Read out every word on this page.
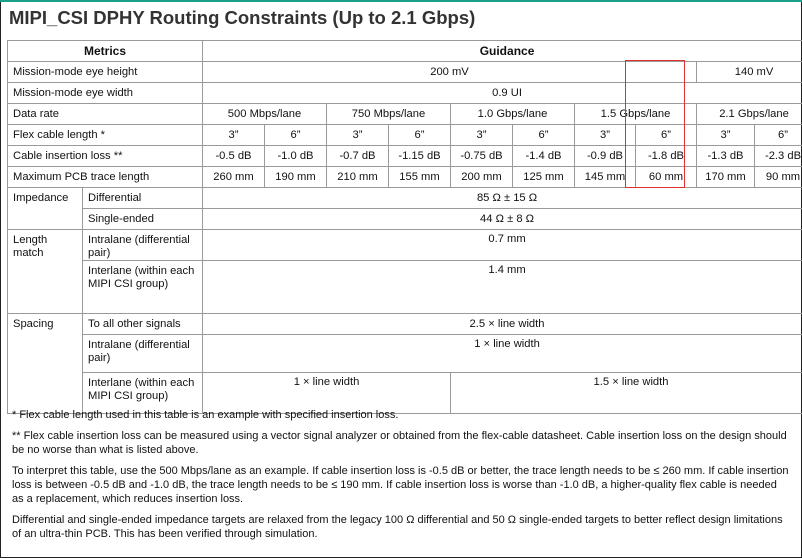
MIPI_CSI DPHY Routing Constraints (Up to 2.1 Gbps)
Metrics		Guidance									
Mission-mode eye height		200 mV								140 mV	
Mission-mode eye width		0.9 UI									
Data rate		500 Mbps/lane		750 Mbps/lane		1.0 Gbps/lane		1.5 Gbps/lane		2.1 Gbps/lane	
Flex cable length *		3”	6”	3”	6”	3”	6”	3”	6”	3”	6”
Cable insertion loss **		-0.5 dB	-1.0 dB	-0.7 dB	-1.15 dB	-0.75 dB	-1.4 dB	-0.9 dB	-1.8 dB	-1.3 dB	-2.3 dB
Maximum PCB trace length		260 mm	190 mm	210 mm	155 mm	200 mm	125 mm	145 mm	60 mm	170 mm	90 mm
Impedance	Differential	85 Ω ± 15 Ω									
	Single-ended	44 Ω ± 8 Ω									
Length match	Intralane (differential pair)	0.7 mm									
	Interlane (within each MIPI CSI group)	1.4 mm									
Spacing	To all other signals	2.5 × line width									
	Intralane (differential pair)	1 × line width									
	Interlane (within each MIPI CSI group)	1 × line width				1.5 × line width					

* Flex cable length used in this table is an example with specified insertion loss.

** Flex cable insertion loss can be measured using a vector signal analyzer or obtained from the flex-cable datasheet. Cable insertion loss on the design should be no worse than what is listed above.

To interpret this table, use the 500 Mbps/lane as an example. If cable insertion loss is -0.5 dB or better, the trace length needs to be ≤ 260 mm. If cable insertion loss is between -0.5 dB and -1.0 dB, the trace length needs to be ≤ 190 mm. If cable insertion loss is worse than -1.0 dB, a higher-quality flex cable is needed as a replacement, which reduces insertion loss.

Differential and single-ended impedance targets are relaxed from the legacy 100 Ω differential and 50 Ω single-ended targets to better reflect design limitations of an ultra-thin PCB. This has been verified through simulation.
